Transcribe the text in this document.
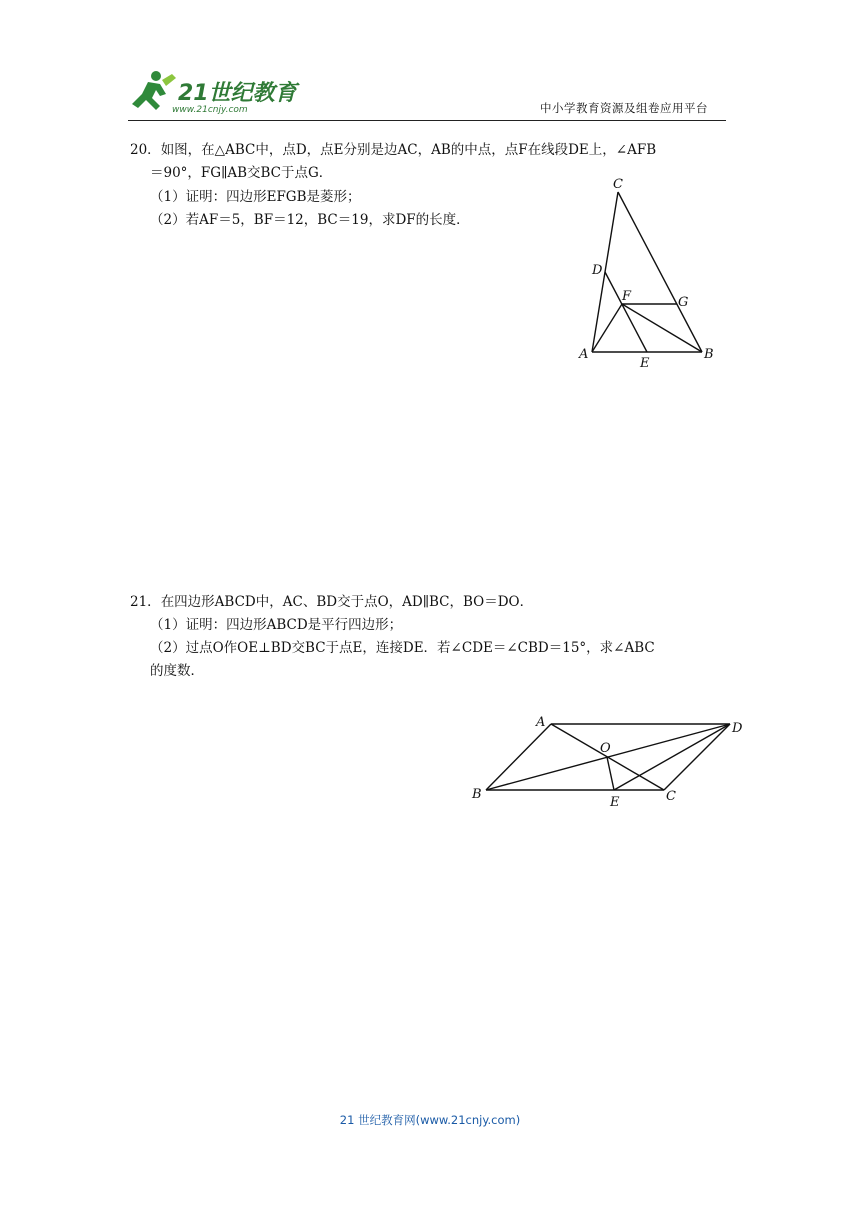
21世纪教育
www.21cnjy.com	中小学教育资源及组卷应用平台
20．如图，在△ABC中，点D，点E分别是边AC，AB的中点，点F在线段DE上，∠AFB
＝90°，FG∥AB交BC于点G．
（1）证明：四边形EFGB是菱形；
（2）若AF＝5，BF＝12，BC＝19，求DF的长度．
C
D
F	G
A
E
B
21．在四边形ABCD中，AC、BD交于点O，AD∥BC，BO＝DO．
（1）证明：四边形ABCD是平行四边形；
（2）过点O作OE⊥BD交BC于点E，连接DE．若∠CDE＝∠CBD＝15°，求∠ABC
的度数．
A	D
O
B
E	C
21 世纪教育网(www.21cnjy.com)
